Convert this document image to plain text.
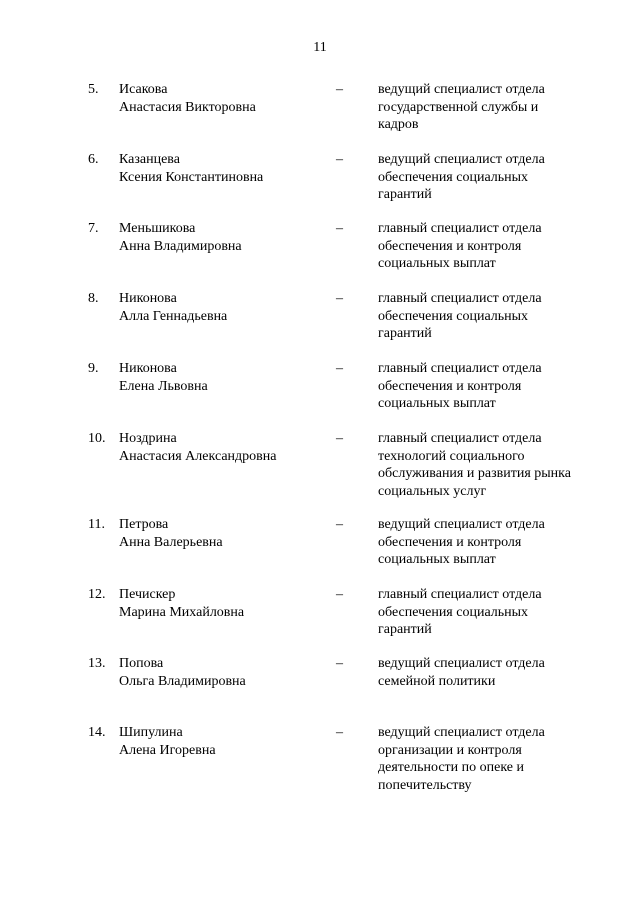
11
5.	Исакова
Анастасия Викторовна
–	ведущий специалист отдела
государственной службы и
кадров
6.	Казанцева
Ксения Константиновна
–	ведущий специалист отдела
обеспечения социальных
гарантий
7.	Меньшикова
Анна Владимировна
–	главный специалист отдела
обеспечения и контроля
социальных выплат
8.	Никонова
Алла Геннадьевна
–	главный специалист отдела
обеспечения социальных
гарантий
9.	Никонова
Елена Львовна
–	главный специалист отдела
обеспечения и контроля
социальных выплат
10. Ноздрина
Анастасия Александровна
–	главный специалист отдела
технологий социального
обслуживания и развития рынка
социальных услуг
11.	Петрова
Анна Валерьевна
–	ведущий специалист отдела
обеспечения и контроля
социальных выплат
12. Печискер
Марина Михайловна
–	главный специалист отдела
обеспечения социальных
гарантий
13. Попова
Ольга Владимировна
–	ведущий специалист отдела
семейной политики
14. Шипулина
Алена Игоревна
–	ведущий специалист отдела
организации и контроля
деятельности по опеке и
попечительству
